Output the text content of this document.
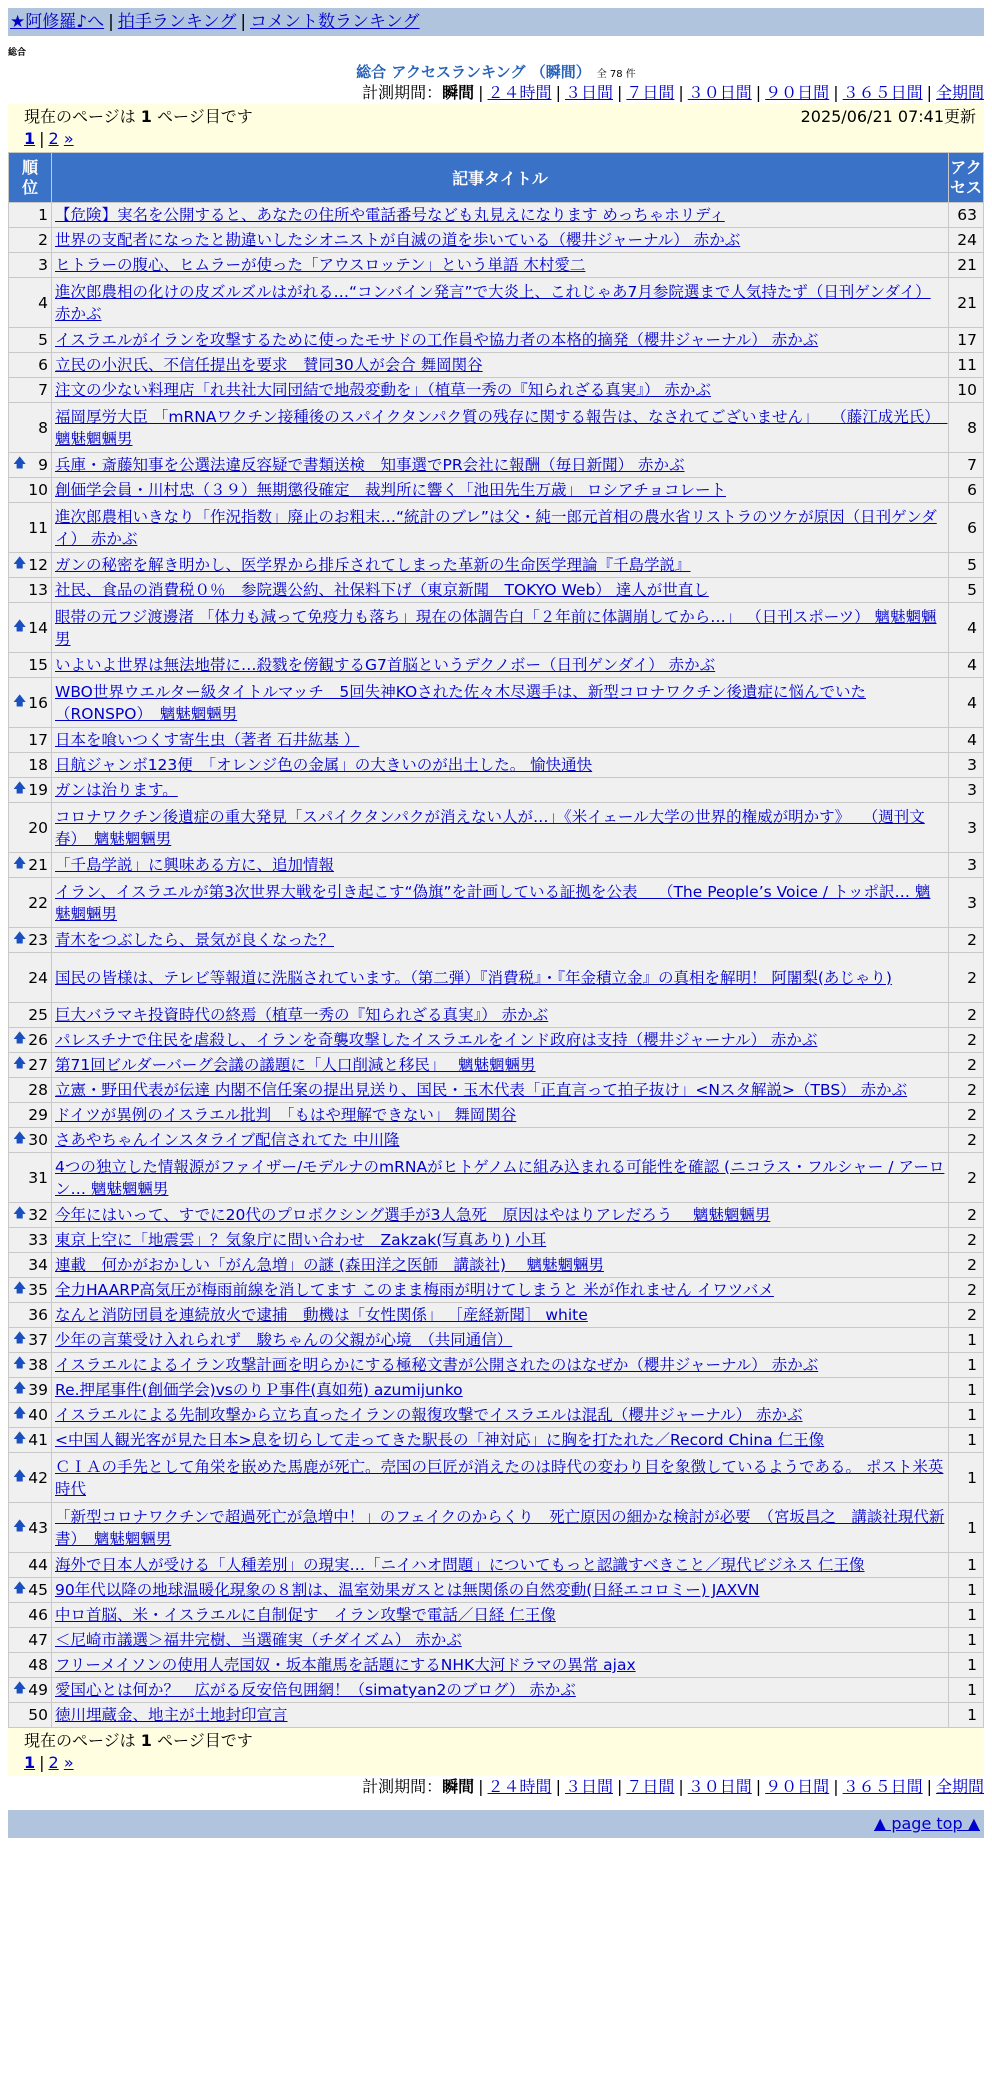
★阿修羅♪へ | 拍手ランキング | コメント数ランキング
総合
総合 アクセスランキング （瞬間） 全 78 件
計測期間：瞬間 | ２４時間 | ３日間 | ７日間 | ３０日間 | ９０日間 | ３６５日間 | 全期間
現在のページは 1 ページ目です	2025/06/21 07:41更新
1 | 2 »
順位	記事タイトル	アクセス
1	【危険】実名を公開すると、あなたの住所や電話番号なども丸見えになります めっちゃホリディ	63
2	世界の支配者になったと勘違いしたシオニストが自滅の道を歩いている（櫻井ジャーナル） 赤かぶ	24
3	ヒトラーの腹心、ヒムラーが使った「アウスロッテン」という単語 木村愛二	21
4	進次郎農相の化けの皮ズルズルはがれる…“コンバイン発言”で大炎上、これじゃあ7月参院選まで人気持たず（日刊ゲンダイ） 赤かぶ	21
5	イスラエルがイランを攻撃するために使ったモサドの工作員や協力者の本格的摘発（櫻井ジャーナル） 赤かぶ	17
6	立民の小沢氏、不信任提出を要求　賛同30人が会合 舞岡関谷	11
7	注文の少ない料理店「れ共社大同団結で地殻変動を」（植草一秀の『知られざる真実』） 赤かぶ	10
8	福岡厚労大臣 「mRNAワクチン接種後のスパイクタンパク質の残存に関する報告は、なされてございません」 　（藤江成光氏）　魑魅魍魎男	8

🡅 9	兵庫・斎藤知事を公選法違反容疑で書類送検　知事選でPR会社に報酬（毎日新聞） 赤かぶ	7
10	創価学会員・川村忠（３９）無期懲役確定　裁判所に響く「池田先生万歳」 ロシアチョコレート	6
11	進次郎農相いきなり「作況指数」廃止のお粗末…“統計のブレ”は父・純一郎元首相の農水省リストラのツケが原因（日刊ゲンダイ） 赤かぶ	6

🡅 12	ガンの秘密を解き明かし、医学界から排斥されてしまった革新の生命医学理論『千島学説』	5
13	社民、食品の消費税０％　参院選公約、社保料下げ（東京新聞　TOKYO Web） 達人が世直し	5

🡅 14	眼帯の元フジ渡邊渚 「体力も減って免疫力も落ち」現在の体調告白「２年前に体調崩してから…」 （日刊スポーツ） 魑魅魍魎男	4
15	いよいよ世界は無法地帯に…殺戮を傍観するG7首脳というデクノボー（日刊ゲンダイ） 赤かぶ	4

🡅 16	WBO世界ウエルター級タイトルマッチ　5回失神KOされた佐々木尽選手は、新型コロナワクチン後遺症に悩んでいた（RONSPO）　魑魅魍魎男	4
17	日本を喰いつくす寄生虫（著者 石井紘基 ）	4
18	日航ジャンボ123便　「オレンジ色の金属」の大きいのが出土した。 愉快通快	3

🡅 19	ガンは治ります。	3
20	コロナワクチン後遺症の重大発見「スパイクタンパクが消えない人が…」《米イェール大学の世界的権威が明かす》 　（週刊文春）　魑魅魍魎男	3

🡅 21	「千島学説」に興味ある方に、追加情報	3
22	イラン、イスラエルが第3次世界大戦を引き起こす“偽旗”を計画している証拠を公表　 （The People’s Voice / トッポ訳… 魑魅魍魎男	3

🡅 23	青木をつぶしたら、景気が良くなった？	2
24	国民の皆様は、テレビ等報道に洗脳されています。（第二弾）『消費税』・『年金積立金』の真相を解明！ 阿闍梨(あじゃり)	2
25	巨大バラマキ投資時代の終焉（植草一秀の『知られざる真実』） 赤かぶ	2

🡅 26	パレスチナで住民を虐殺し、イランを奇襲攻撃したイスラエルをインド政府は支持（櫻井ジャーナル） 赤かぶ	2

🡅 27	第71回ビルダーバーグ会議の議題に「人口削減と移民」　 魑魅魍魎男	2
28	立憲・野田代表が伝達 内閣不信任案の提出見送り、国民・玉木代表「正直言って拍子抜け」<Nスタ解説>（TBS） 赤かぶ	2
29	ドイツが異例のイスラエル批判　「もはや理解できない」 舞岡関谷	2

🡅 30	さあやちゃんインスタライブ配信されてた 中川隆	2
31	4つの独立した情報源がファイザー/モデルナのmRNAがヒトゲノムに組み込まれる可能性を確認 (ニコラス・フルシャー / アーロン… 魑魅魍魎男	2

🡅 32	今年にはいって、すでに20代のプロボクシング選手が3人急死　原因はやはりアレだろう　 魑魅魍魎男	2
33	東京上空に「地震雲」？気象庁に問い合わせ　Zakzak(写真あり) 小耳	2
34	連載　何かがおかしい「がん急増」の謎 (森田洋之医師　講談社)　 魑魅魍魎男	2

🡅 35	全力HAARP高気圧が梅雨前線を消してます このまま梅雨が明けてしまうと 米が作れません イワツバメ	2
36	なんと消防団員を連続放火で逮捕　動機は「女性関係」 ［産経新聞］ white	2

🡅 37	少年の言葉受け入れられず　駿ちゃんの父親が心境　（共同通信）	1

🡅 38	イスラエルによるイラン攻撃計画を明らかにする極秘文書が公開されたのはなぜか（櫻井ジャーナル） 赤かぶ	1

🡅 39	Re.押尾事件(創価学会)vsのりＰ事件(真如苑) azumijunko	1

🡅 40	イスラエルによる先制攻撃から立ち直ったイランの報復攻撃でイスラエルは混乱（櫻井ジャーナル） 赤かぶ	1

🡅 41	<中国人観光客が見た日本>息を切らして走ってきた駅長の「神対応」に胸を打たれた／Record China 仁王像	1

🡅 42	ＣＩＡの手先として角栄を嵌めた馬鹿が死亡。売国の巨匠が消えたのは時代の変わり目を象徴しているようである。 ポスト米英時代	1

🡅 43	「新型コロナワクチンで超過死亡が急増中！」のフェイクのからくり　死亡原因の細かな検討が必要　（宮坂昌之　講談社現代新書）　魑魅魍魎男	1
44	海外で日本人が受ける「人種差別」の現実…「ニイハオ問題」についてもっと認識すべきこと／現代ビジネス 仁王像	1

🡅 45	90年代以降の地球温暖化現象の８割は、温室効果ガスとは無関係の自然変動(日経エコロミー) JAXVN	1
46	中ロ首脳、米・イスラエルに自制促す　イラン攻撃で電話／日経 仁王像	1
47	＜尼崎市議選＞福井完樹、当選確実（チダイズム） 赤かぶ	1
48	フリーメイソンの使用人売国奴・坂本龍馬を話題にするNHK大河ドラマの異常 ajax	1

🡅 49	愛国心とは何か？　広がる反安倍包囲網！（simatyan2のブログ） 赤かぶ	1
50	徳川埋蔵金、地主が土地封印宣言	1
現在のページは 1 ページ目です
1 | 2 »
計測期間：瞬間 | ２４時間 | ３日間 | ７日間 | ３０日間 | ９０日間 | ３６５日間 | 全期間
▲ page top ▲
